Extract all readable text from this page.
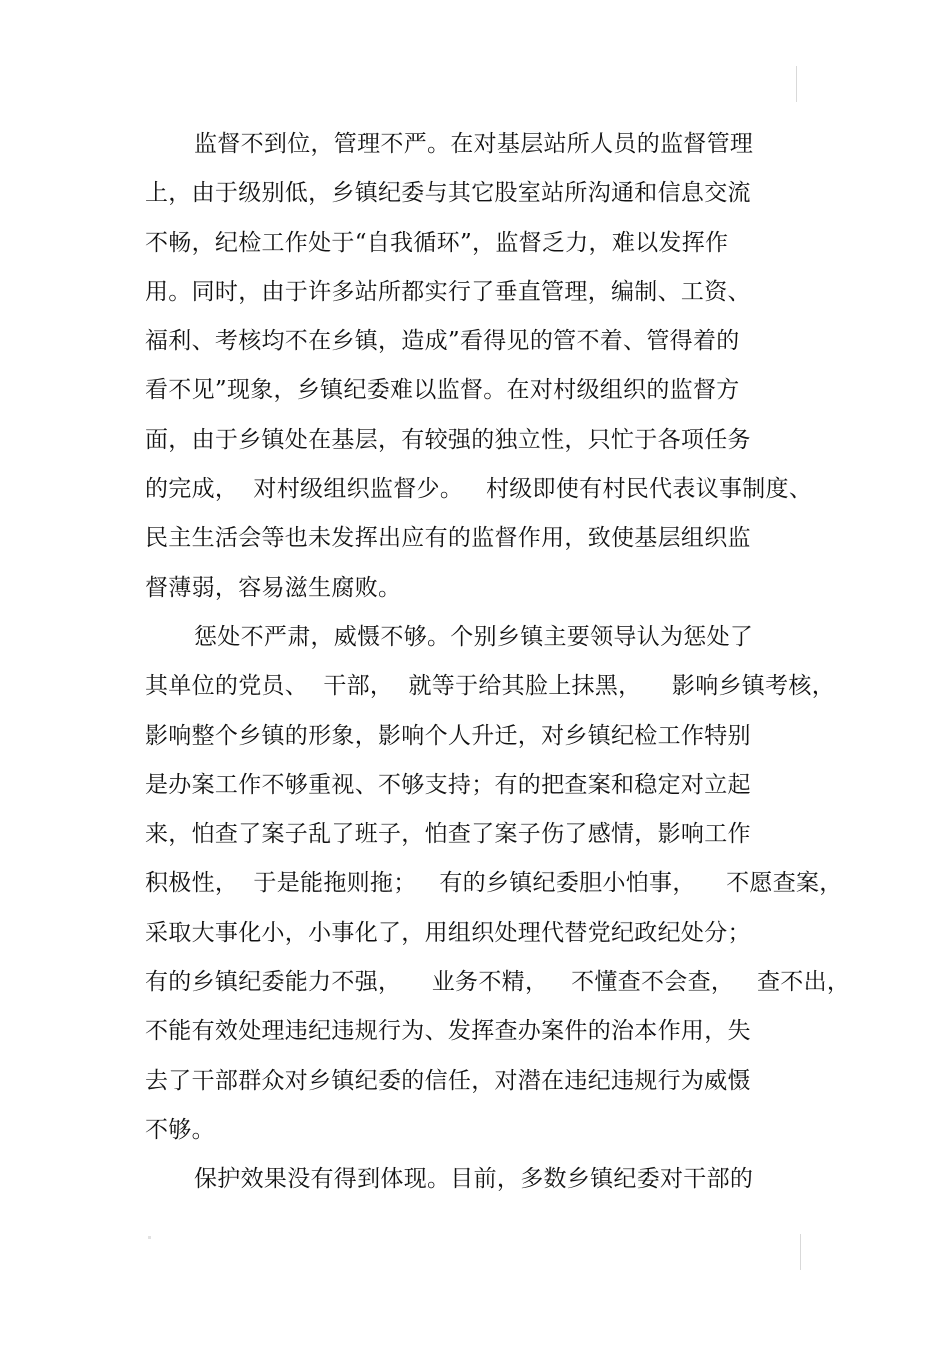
监督不到位，管理不严。在对基层站所人员的监督管理
上，由于级别低，乡镇纪委与其它股室站所沟通和信息交流
不畅，纪检工作处于“自我循环”，监督乏力，难以发挥作
用。同时，由于许多站所都实行了垂直管理，编制、工资、
福利、考核均不在乡镇，造成”看得见的管不着、管得着的
看不见”现象，乡镇纪委难以监督。在对村级组织的监督方
面，由于乡镇处在基层，有较强的独立性，只忙于各项任务
的完成，  对村级组织监督少。   村级即使有村民代表议事制度、
民主生活会等也未发挥出应有的监督作用，致使基层组织监
督薄弱，容易滋生腐败。
惩处不严肃，威慑不够。个别乡镇主要领导认为惩处了
其单位的党员、  干部，  就等于给其脸上抹黑，    影响乡镇考核，
影响整个乡镇的形象，影响个人升迁，对乡镇纪检工作特别
是办案工作不够重视、不够支持；有的把查案和稳定对立起
来，怕查了案子乱了班子，怕查了案子伤了感情，影响工作
积极性，  于是能拖则拖；   有的乡镇纪委胆小怕事，    不愿查案，
采取大事化小，小事化了，用组织处理代替党纪政纪处分；
有的乡镇纪委能力不强，    业务不精，   不懂查不会查，   查不出，
不能有效处理违纪违规行为、发挥查办案件的治本作用，失
去了干部群众对乡镇纪委的信任，对潜在违纪违规行为威慑
不够。
保护效果没有得到体现。目前，多数乡镇纪委对干部的
